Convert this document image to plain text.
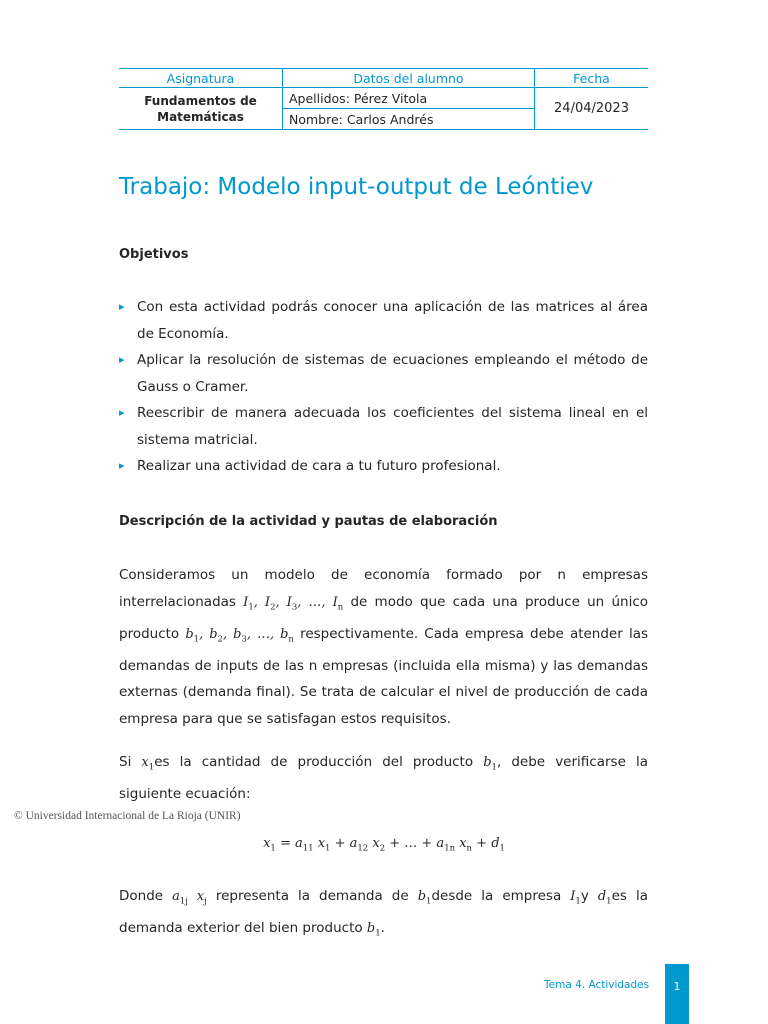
Asignatura	Datos del alumno	Fecha
Fundamentos de Matemáticas	Apellidos: Pérez Vitola	24/04/2023
	Nombre: Carlos Andrés	
Trabajo: Modelo input-output de Leóntiev
Objetivos
▸ Con esta actividad podrás conocer una aplicación de las matrices al área de Economía.
▸ Aplicar la resolución de sistemas de ecuaciones empleando el método de Gauss o Cramer.
▸ Reescribir de manera adecuada los coeficientes del sistema lineal en el sistema matricial.
▸ Realizar una actividad de cara a tu futuro profesional.
Descripción de la actividad y pautas de elaboración

Consideramos un modelo de economía formado por n empresas interrelacionadas $I_1$, $I_2$, $I_3$, …, $I_n$ de modo que cada una produce un único producto $b_1$, $b_2$, $b_3$, …, $b_n$ respectivamente. Cada empresa debe atender las demandas de inputs de las n empresas (incluida ella misma) y las demandas externas (demanda final). Se trata de calcular el nivel de producción de cada empresa para que se satisfagan estos requisitos.

Si $x_1es$ la cantidad de producción del producto $b_1$, debe verificarse la siguiente ecuación:

© Universidad Internacional de La Rioja (UNIR)
$x_1 = a_{11}$ $x_1 + a_{12}$ $x_2$ + … + $a_{1n}$ $x_n + d_1$

Donde $a_{1j}$ $x_j$ representa la demanda de $b_1desde$ la empresa $I_1y$ $d_1es$ la demanda exterior del bien producto $b_1$.

Tema 4. Actividades	1
